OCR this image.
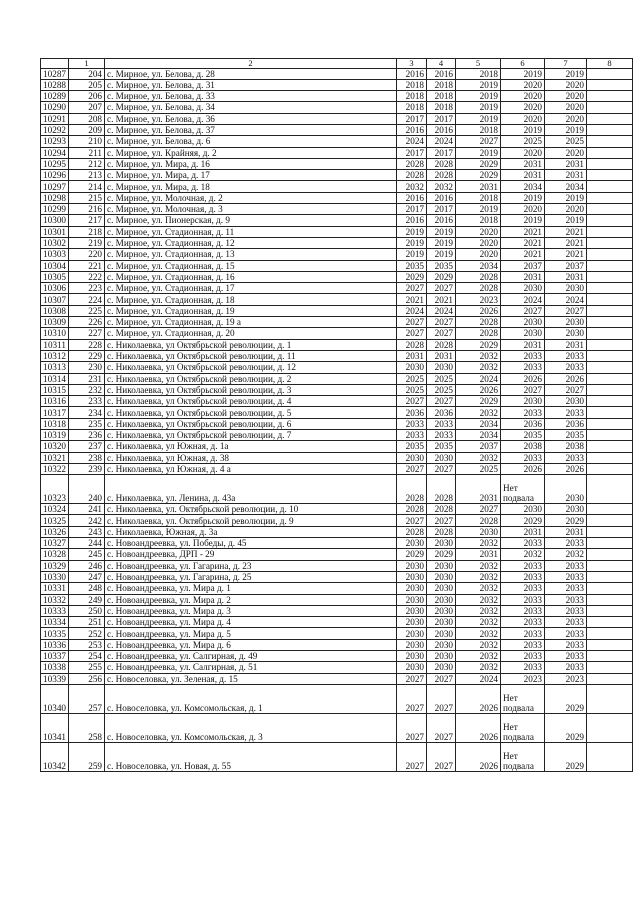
	1	2	3	4	5	6	7	8
10287	204	с. Мирное, ул. Белова, д. 28	2016	2016	2018	2019	2019	
10288	205	с. Мирное, ул. Белова, д. 31	2018	2018	2019	2020	2020	
10289	206	с. Мирное, ул. Белова, д. 33	2018	2018	2019	2020	2020	
10290	207	с. Мирное, ул. Белова, д. 34	2018	2018	2019	2020	2020	
10291	208	с. Мирное, ул. Белова, д. 36	2017	2017	2019	2020	2020	
10292	209	с. Мирное, ул. Белова, д. 37	2016	2016	2018	2019	2019	
10293	210	с. Мирное, ул. Белова, д. 6	2024	2024	2027	2025	2025	
10294	211	с. Мирное, ул. Крайняя, д. 2	2017	2017	2019	2020	2020	
10295	212	с. Мирное, ул. Мира, д. 16	2028	2028	2029	2031	2031	
10296	213	с. Мирное, ул. Мира, д. 17	2028	2028	2029	2031	2031	
10297	214	с. Мирное, ул. Мира, д. 18	2032	2032	2031	2034	2034	
10298	215	с. Мирное, ул. Молочная, д. 2	2016	2016	2018	2019	2019	
10299	216	с. Мирное, ул. Молочная, д. 3	2017	2017	2019	2020	2020	
10300	217	с. Мирное, ул. Пионерская, д. 9	2016	2016	2018	2019	2019	
10301	218	с. Мирное, ул. Стадионная, д. 11	2019	2019	2020	2021	2021	
10302	219	с. Мирное, ул. Стадионная, д. 12	2019	2019	2020	2021	2021	
10303	220	с. Мирное, ул. Стадионная, д. 13	2019	2019	2020	2021	2021	
10304	221	с. Мирное, ул. Стадионная, д. 15	2035	2035	2034	2037	2037	
10305	222	с. Мирное, ул. Стадионная, д. 16	2029	2029	2028	2031	2031	
10306	223	с. Мирное, ул. Стадионная, д. 17	2027	2027	2028	2030	2030	
10307	224	с. Мирное, ул. Стадионная, д. 18	2021	2021	2023	2024	2024	
10308	225	с. Мирное, ул. Стадионная, д. 19	2024	2024	2026	2027	2027	
10309	226	с. Мирное, ул. Стадионная, д. 19 а	2027	2027	2028	2030	2030	
10310	227	с. Мирное, ул. Стадионная, д. 20	2027	2027	2028	2030	2030	
10311	228	с. Николаевка, ул Октябрьской революции, д. 1	2028	2028	2029	2031	2031	
10312	229	с. Николаевка, ул Октябрьской революции, д. 11	2031	2031	2032	2033	2033	
10313	230	с. Николаевка, ул Октябрьской революции, д. 12	2030	2030	2032	2033	2033	
10314	231	с. Николаевка, ул Октябрьской революции, д. 2	2025	2025	2024	2026	2026	
10315	232	с. Николаевка, ул Октябрьской революции, д. 3	2025	2025	2026	2027	2027	
10316	233	с. Николаевка, ул Октябрьской революции, д. 4	2027	2027	2029	2030	2030	
10317	234	с. Николаевка, ул Октябрьской революции, д. 5	2036	2036	2032	2033	2033	
10318	235	с. Николаевка, ул Октябрьской революции, д. 6	2033	2033	2034	2036	2036	
10319	236	с. Николаевка, ул Октябрьской революции, д. 7	2033	2033	2034	2035	2035	
10320	237	с. Николаевка, ул Южная, д. 1а	2035	2035	2037	2038	2038	
10321	238	с. Николаевка, ул Южная, д. 38	2030	2030	2032	2033	2033	
10322	239	с. Николаевка, ул Южная, д. 4 а	2027	2027	2025	2026	2026	
10323	240	с. Николаевка, ул. Ленина, д. 43а	2028	2028	2031	Нет подвала	2030	
10324	241	с. Николаевка, ул. Октябрьской революции, д. 10	2028	2028	2027	2030	2030	
10325	242	с. Николаевка, ул. Октябрьской революции, д. 9	2027	2027	2028	2029	2029	
10326	243	с. Николаевка, Южная, д. 3а	2028	2028	2030	2031	2031	
10327	244	с. Новоандреевка, ул. Победы, д. 45	2030	2030	2032	2033	2033	
10328	245	с. Новоандреевка, ДРП - 29	2029	2029	2031	2032	2032	
10329	246	с. Новоандреевка, ул. Гагарина, д. 23	2030	2030	2032	2033	2033	
10330	247	с. Новоандреевка, ул. Гагарина, д. 25	2030	2030	2032	2033	2033	
10331	248	с. Новоандреевка, ул. Мира д. 1	2030	2030	2032	2033	2033	
10332	249	с. Новоандреевка, ул. Мира д. 2	2030	2030	2032	2033	2033	
10333	250	с. Новоандреевка, ул. Мира д. 3	2030	2030	2032	2033	2033	
10334	251	с. Новоандреевка, ул. Мира д. 4	2030	2030	2032	2033	2033	
10335	252	с. Новоандреевка, ул. Мира д. 5	2030	2030	2032	2033	2033	
10336	253	с. Новоандреевка, ул. Мира д. 6	2030	2030	2032	2033	2033	
10337	254	с. Новоандреевка, ул. Салгирная, д. 49	2030	2030	2032	2033	2033	
10338	255	с. Новоандреевка, ул. Салгирная, д. 51	2030	2030	2032	2033	2033	
10339	256	с. Новоселовка, ул. Зеленая, д. 15	2027	2027	2024	2023	2023	
10340	257	с. Новоселовка, ул. Комсомольская, д. 1	2027	2027	2026	Нет подвала	2029	
10341	258	с. Новоселовка, ул. Комсомольская, д. 3	2027	2027	2026	Нет подвала	2029	
10342	259	с. Новоселовка, ул. Новая, д. 55	2027	2027	2026	Нет подвала	2029	
